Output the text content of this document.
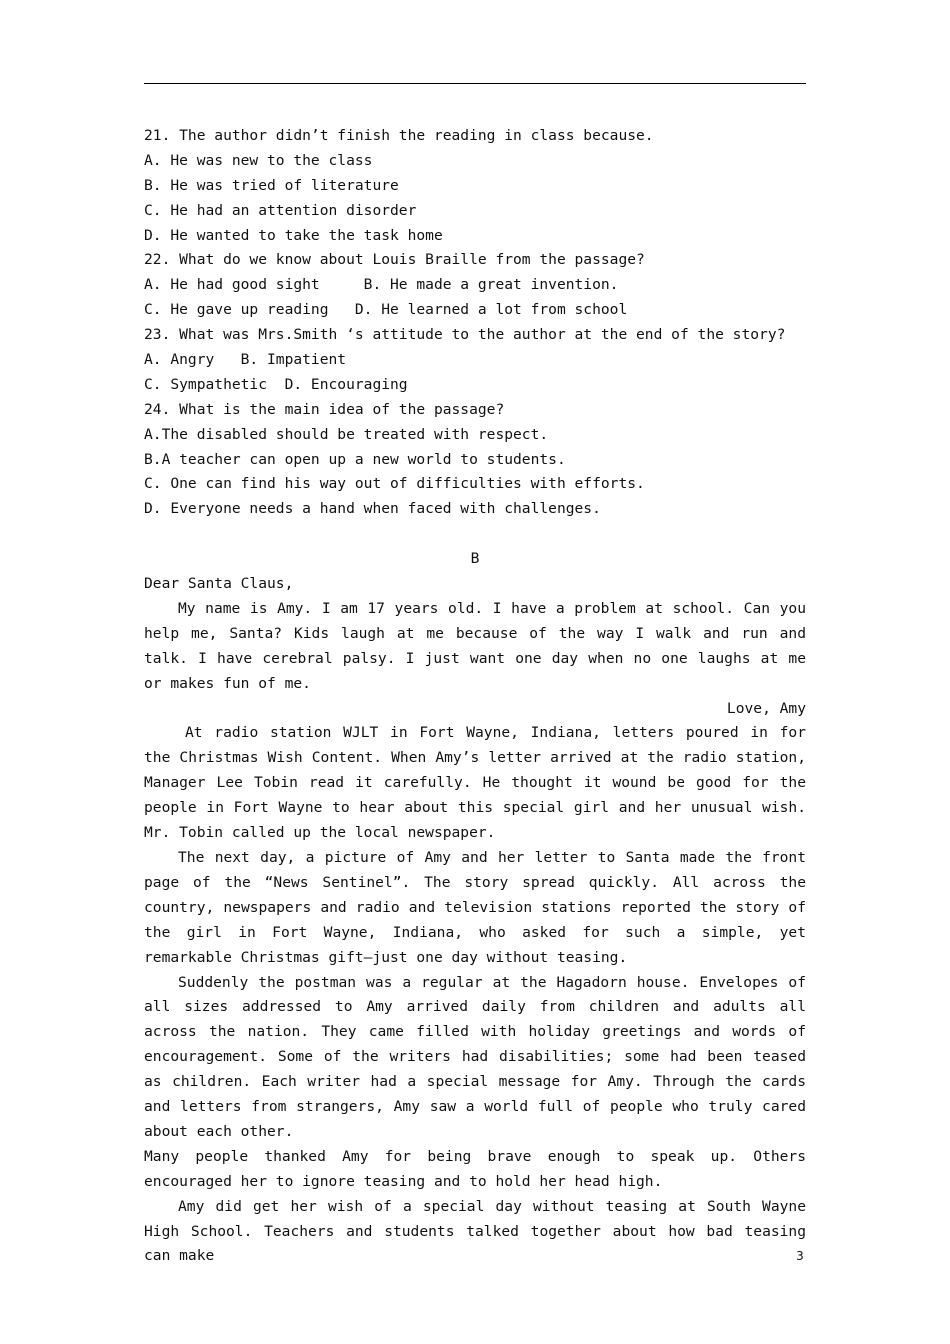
21. The author didn’t finish the reading in class because.
A. He was new to the class
B. He was tried of literature
C. He had an attention disorder
D. He wanted to take the task home
22. What do we know about Louis Braille from the passage?
A. He had good sight     B. He made a great invention.
C. He gave up reading   D. He learned a lot from school
23. What was Mrs.Smith ‘s attitude to the author at the end of the story?
A. Angry   B. Impatient
C. Sympathetic  D. Encouraging
24. What is the main idea of the passage?
A.The disabled should be treated with respect.
B.A teacher can open up a new world to students.
C. One can find his way out of difficulties with efforts.
D. Everyone needs a hand when faced with challenges.
B
Dear Santa Claus,
My name is Amy. I am 17 years old. I have a problem at school. Can you help me, Santa? Kids laugh at me because of the way I walk and run and talk. I have cerebral palsy. I just want one day when no one laughs at me or makes fun of me.
Love, Amy
At radio station WJLT in Fort Wayne, Indiana, letters poured in for the Christmas Wish Content. When Amy’s letter arrived at the radio station, Manager Lee Tobin read it carefully. He thought it wound be good for the people in Fort Wayne to hear about this special girl and her unusual wish. Mr. Tobin called up the local newspaper.
The next day, a picture of Amy and her letter to Santa made the front page of the “News Sentinel”. The story spread quickly. All across the country, newspapers and radio and television stations reported the story of the girl in Fort Wayne, Indiana, who asked for such a simple, yet remarkable Christmas gift—just one day without teasing.
Suddenly the postman was a regular at the Hagadorn house. Envelopes of all sizes addressed to Amy arrived daily from children and adults all across the nation. They came filled with holiday greetings and words of encouragement. Some of the writers had disabilities; some had been teased as children. Each writer had a special message for Amy. Through the cards and letters from strangers, Amy saw a world full of people who truly cared about each other.
Many people thanked Amy for being brave enough to speak up. Others encouraged her to ignore teasing and to hold her head high.
Amy did get her wish of a special day without teasing at South Wayne High School. Teachers and students talked together about how bad teasing can make	3
